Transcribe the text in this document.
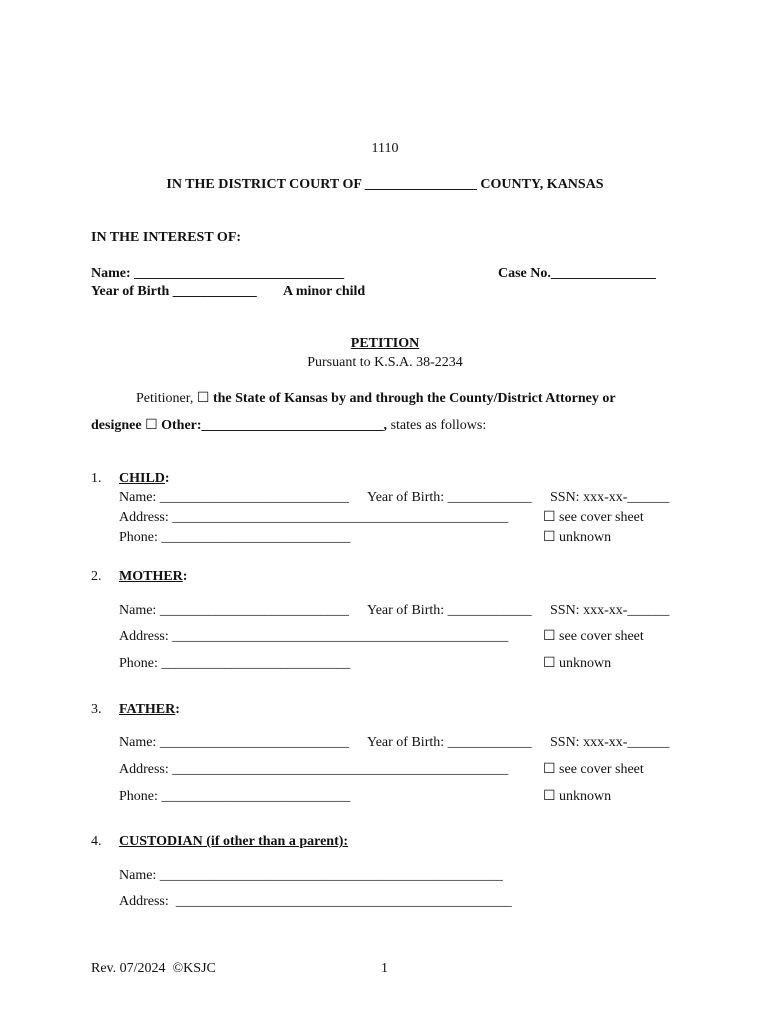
1110
IN THE DISTRICT COURT OF ________________ COUNTY, KANSAS
IN THE INTEREST OF:
Name: ______________________________	Case No._______________
Year of Birth ____________ A minor child
PETITION
Pursuant to K.S.A. 38-2234
Petitioner, ☐ the State of Kansas by and through the County/District Attorney or
designee ☐ Other:__________________________, states as follows:
1. CHILD:
Name: ___________________________ Year of Birth: ____________ SSN: xxx-xx-______
Address: ________________________________________________ ☐ see cover sheet
Phone: ___________________________	☐ unknown
2. MOTHER:
Name: ___________________________ Year of Birth: ____________ SSN: xxx-xx-______
Address: ________________________________________________ ☐ see cover sheet
Phone: ___________________________	☐ unknown
3. FATHER:
Name: ___________________________ Year of Birth: ____________ SSN: xxx-xx-______
Address: ________________________________________________ ☐ see cover sheet
Phone: ___________________________	☐ unknown
4. CUSTODIAN (if other than a parent):
Name: _________________________________________________
Address:  ________________________________________________
Rev. 07/2024  ©KSJC	1
